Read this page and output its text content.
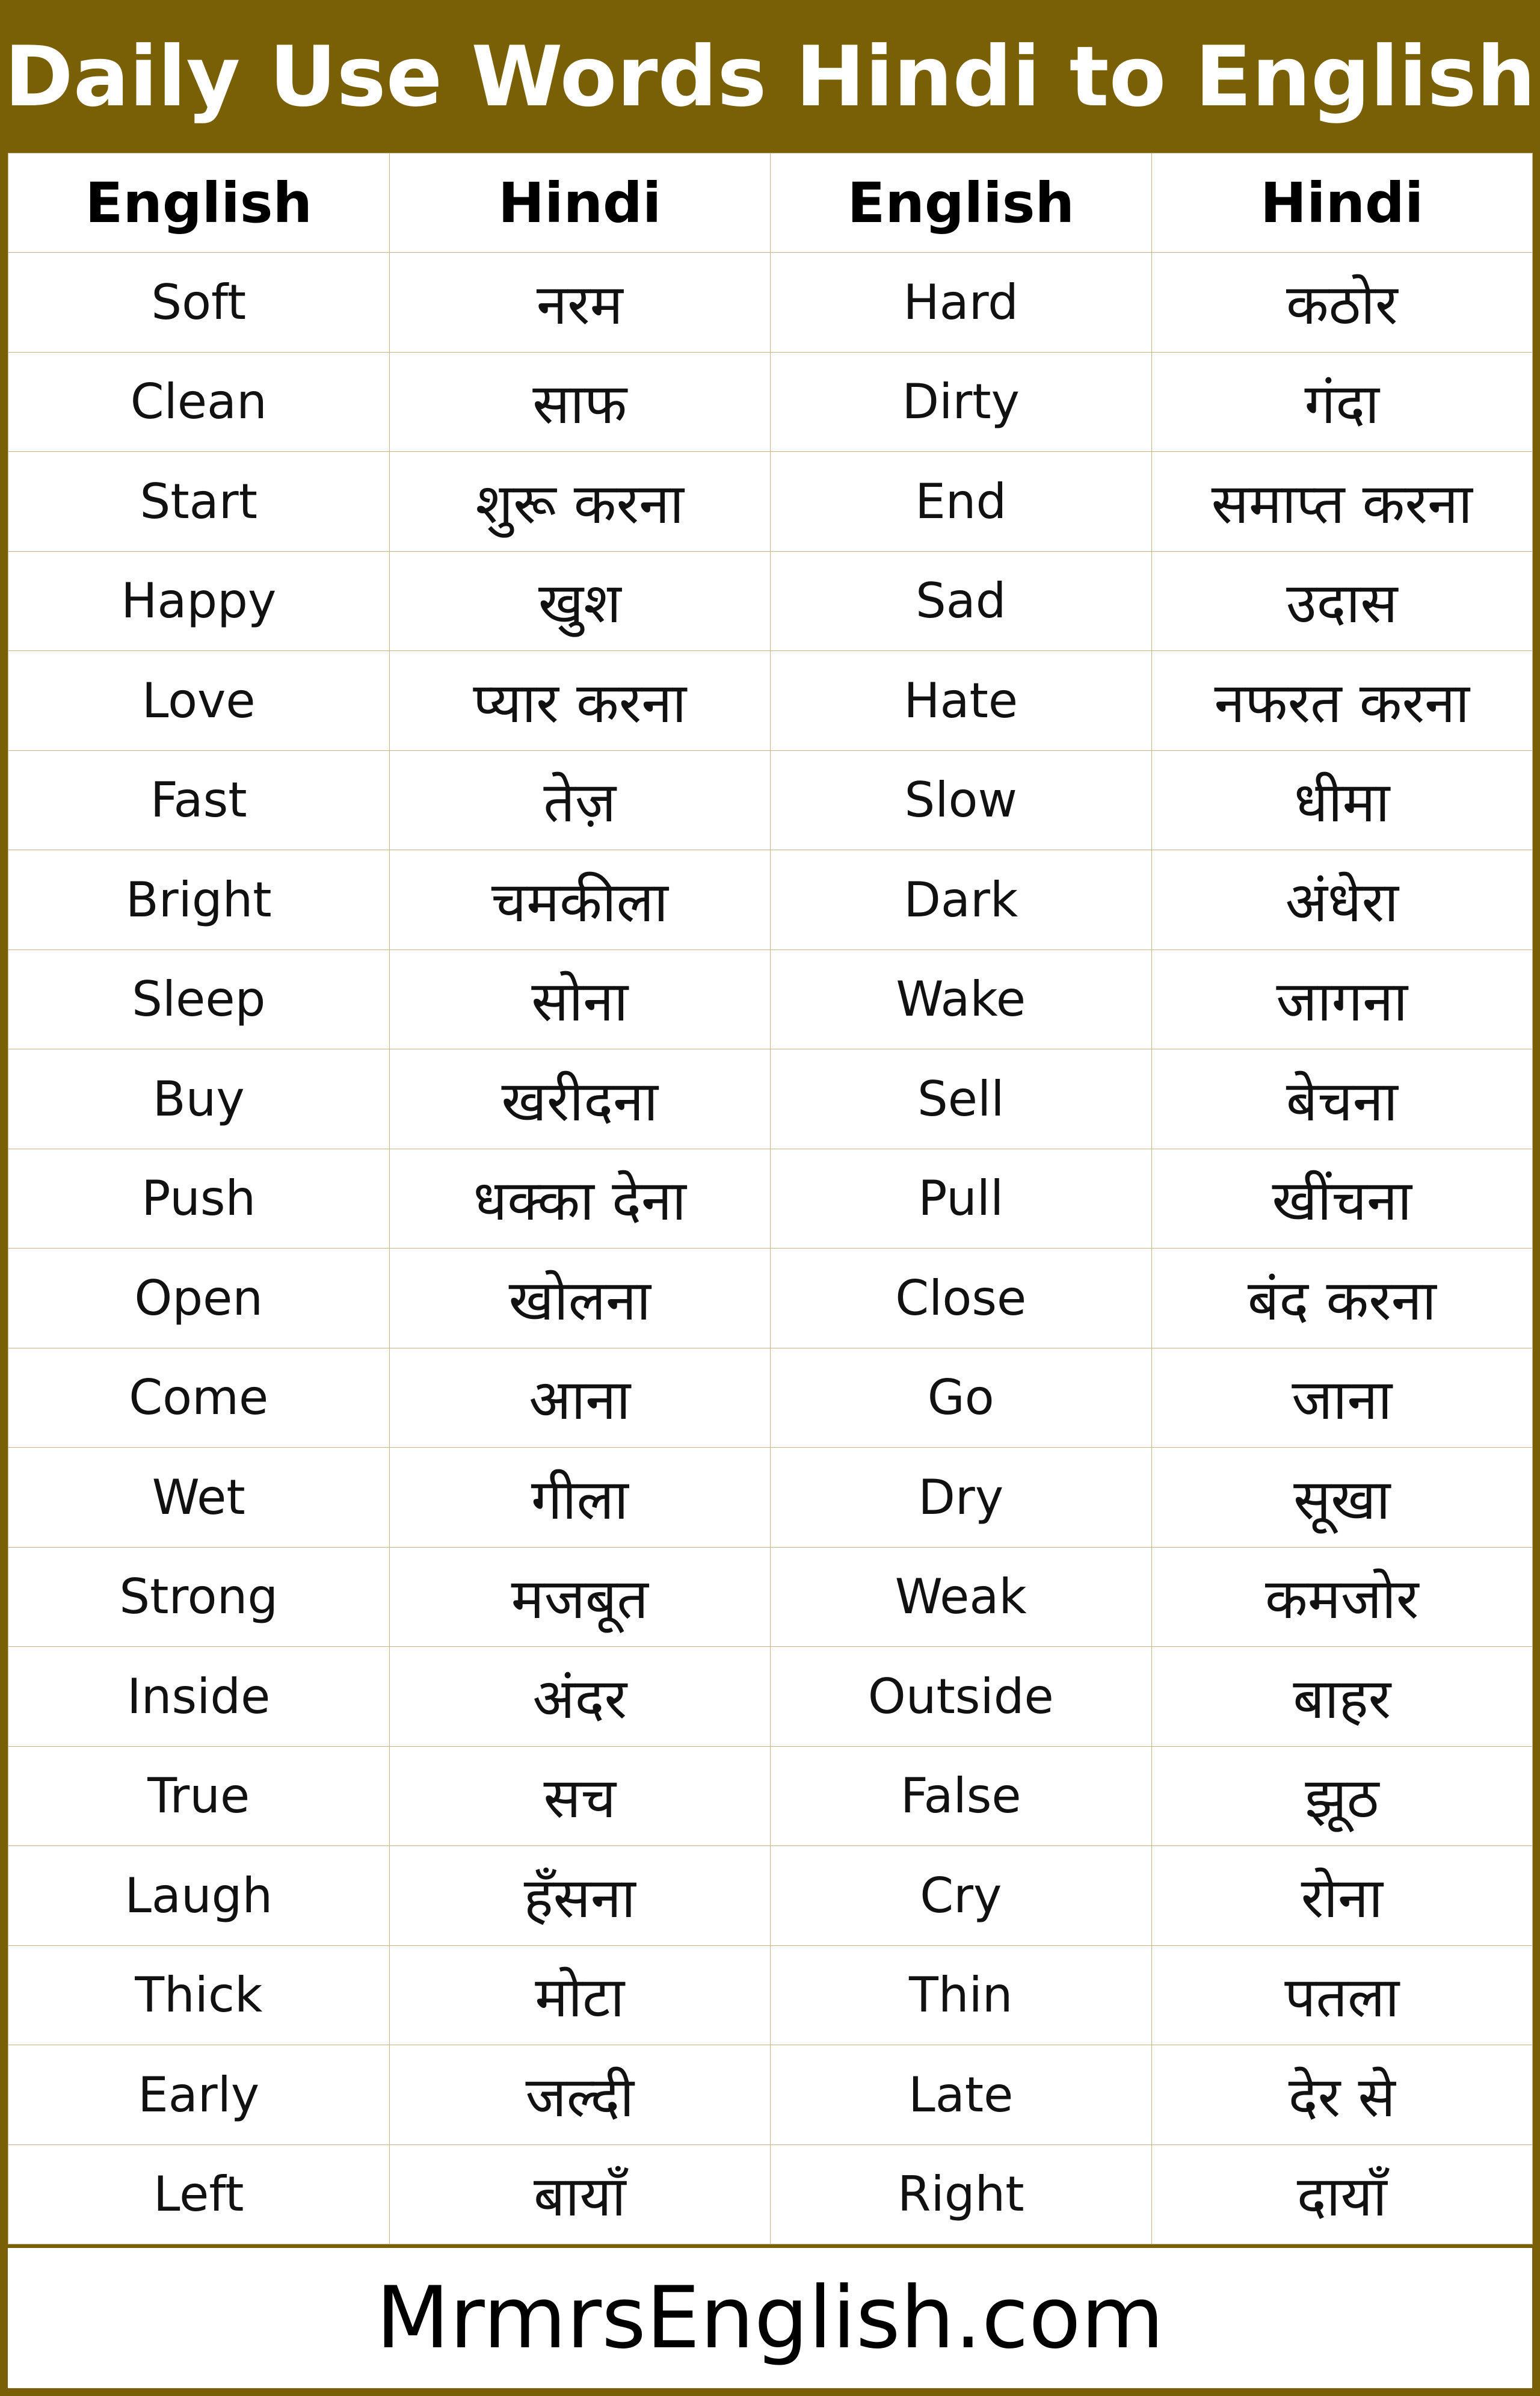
Daily Use Words Hindi to English
English	Hindi	English	Hindi
Soft	नरम	Hard	कठोर
Clean	साफ	Dirty	गंदा
Start	शुरू करना	End	समाप्त करना
Happy	खुश	Sad	उदास
Love	प्यार करना	Hate	नफरत करना
Fast	तेज़	Slow	धीमा
Bright	चमकीला	Dark	अंधेरा
Sleep	सोना	Wake	जागना
Buy	खरीदना	Sell	बेचना
Push	धक्का देना	Pull	खींचना
Open	खोलना	Close	बंद करना
Come	आना	Go	जाना
Wet	गीला	Dry	सूखा
Strong	मजबूत	Weak	कमजोर
Inside	अंदर	Outside	बाहर
True	सच	False	झूठ
Laugh	हँसना	Cry	रोना
Thick	मोटा	Thin	पतला
Early	जल्दी	Late	देर से
Left	बायाँ	Right	दायाँ
MrmrsEnglish.com
